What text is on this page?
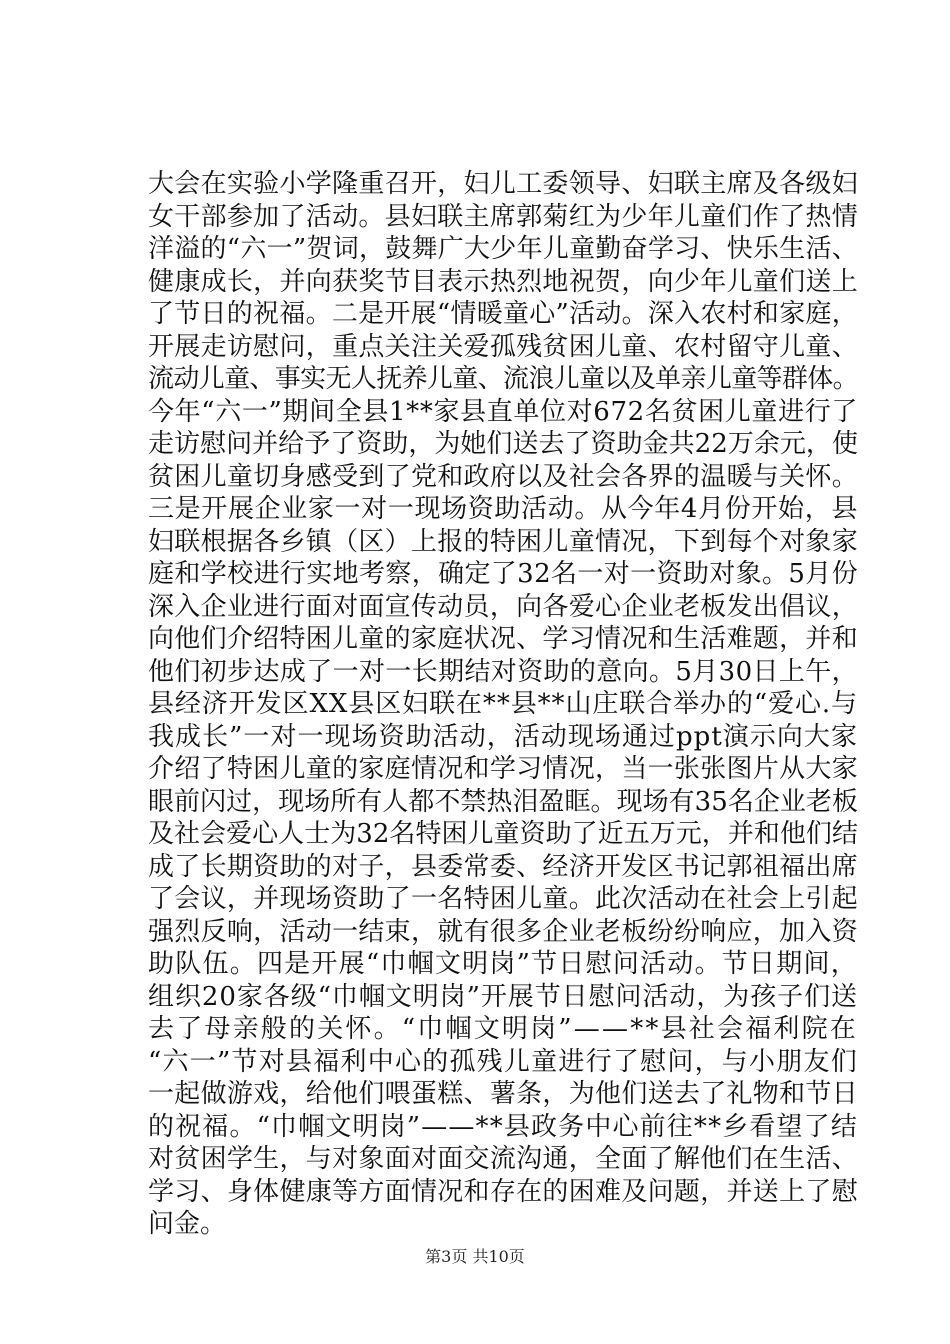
大会在实验小学隆重召开，妇儿工委领导、妇联主席及各级妇
女干部参加了活动。县妇联主席郭菊红为少年儿童们作了热情
洋溢的“六一”贺词，鼓舞广大少年儿童勤奋学习、快乐生活、
健康成长，并向获奖节目表示热烈地祝贺，向少年儿童们送上
了节日的祝福。二是开展“情暖童心”活动。深入农村和家庭，
开展走访慰问，重点关注关爱孤残贫困儿童、农村留守儿童、
流动儿童、事实无人抚养儿童、流浪儿童以及单亲儿童等群体。
今年“六一”期间全县1**家县直单位对672名贫困儿童进行了
走访慰问并给予了资助，为她们送去了资助金共22万余元，使
贫困儿童切身感受到了党和政府以及社会各界的温暖与关怀。
三是开展企业家一对一现场资助活动。从今年4月份开始，县
妇联根据各乡镇（区）上报的特困儿童情况，下到每个对象家
庭和学校进行实地考察，确定了32名一对一资助对象。5月份
深入企业进行面对面宣传动员，向各爱心企业老板发出倡议，
向他们介绍特困儿童的家庭状况、学习情况和生活难题，并和
他们初步达成了一对一长期结对资助的意向。5月30日上午，
县经济开发区XX县区妇联在**县**山庄联合举办的“爱心.与
我成长”一对一现场资助活动，活动现场通过ppt演示向大家
介绍了特困儿童的家庭情况和学习情况，当一张张图片从大家
眼前闪过，现场所有人都不禁热泪盈眶。现场有35名企业老板
及社会爱心人士为32名特困儿童资助了近五万元，并和他们结
成了长期资助的对子，县委常委、经济开发区书记郭祖福出席
了会议，并现场资助了一名特困儿童。此次活动在社会上引起
强烈反响，活动一结束，就有很多企业老板纷纷响应，加入资
助队伍。四是开展“巾帼文明岗”节日慰问活动。节日期间，
组织20家各级“巾帼文明岗”开展节日慰问活动，为孩子们送
去了母亲般的关怀。“巾帼文明岗”——**县社会福利院在
“六一”节对县福利中心的孤残儿童进行了慰问，与小朋友们
一起做游戏，给他们喂蛋糕、薯条，为他们送去了礼物和节日
的祝福。“巾帼文明岗”——**县政务中心前往**乡看望了结
对贫困学生，与对象面对面交流沟通，全面了解他们在生活、
学习、身体健康等方面情况和存在的困难及问题，并送上了慰
问金。
第3页 共10页
